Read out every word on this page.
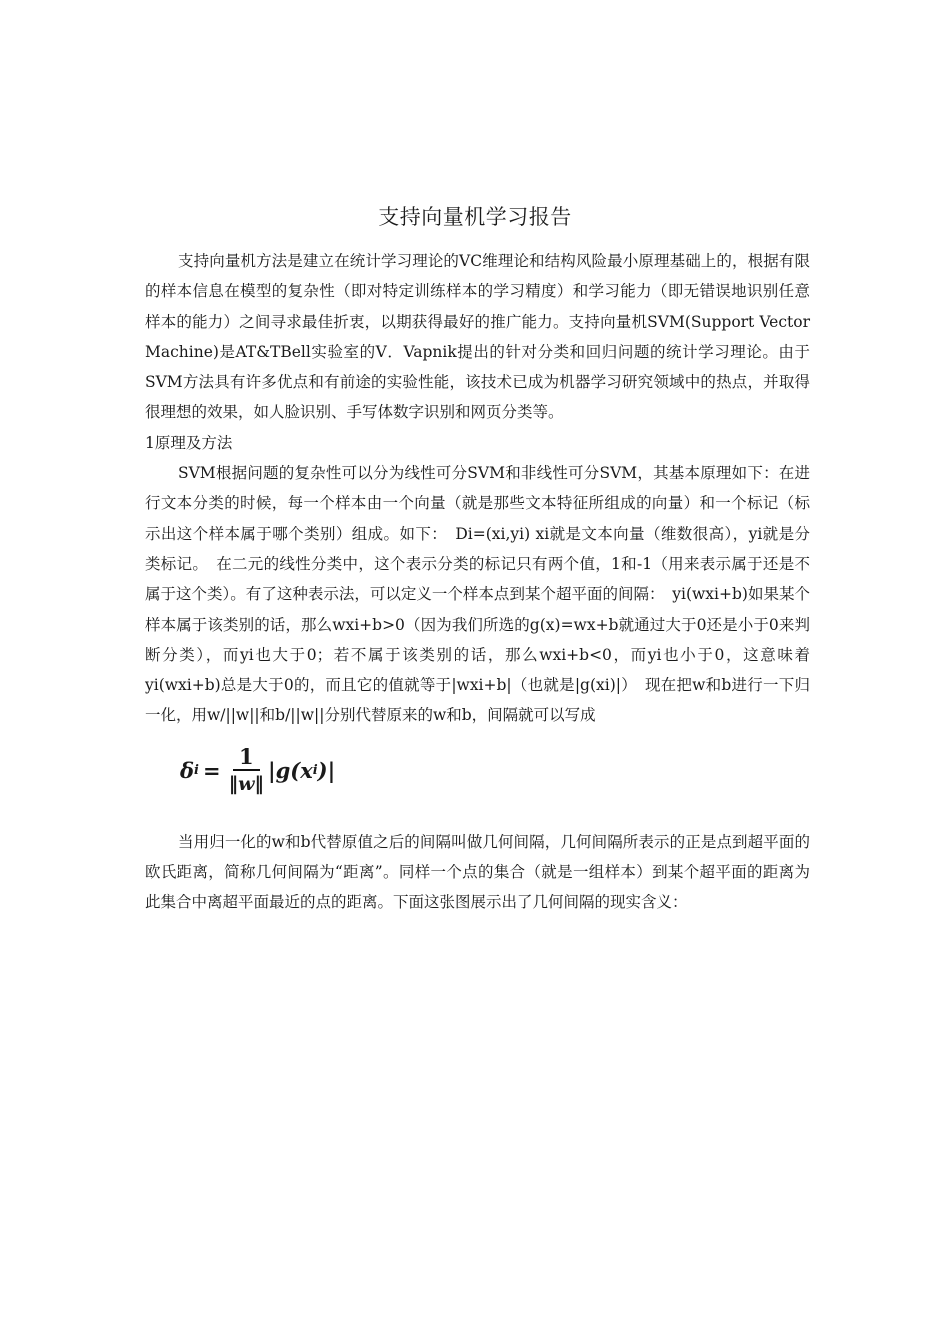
支持向量机学习报告

支持向量机方法是建立在统计学习理论的VC维理论和结构风险最小原理基础上的，根据有限的样本信息在模型的复杂性（即对特定训练样本的学习精度）和学习能力（即无错误地识别任意样本的能力）之间寻求最佳折衷，以期获得最好的推广能力。支持向量机SVM(Support Vector Machine)是AT&TBell实验室的V．Vapnik提出的针对分类和回归问题的统计学习理论。由于SVM方法具有许多优点和有前途的实验性能，该技术已成为机器学习研究领域中的热点，并取得很理想的效果，如人脸识别、手写体数字识别和网页分类等。

1原理及方法

SVM根据问题的复杂性可以分为线性可分SVM和非线性可分SVM，其基本原理如下：在进行文本分类的时候，每一个样本由一个向量（就是那些文本特征所组成的向量）和一个标记（标示出这个样本属于哪个类别）组成。如下：　Di=(xi,yi) xi就是文本向量（维数很高），yi就是分类标记。　在二元的线性分类中，这个表示分类的标记只有两个值，1和-1（用来表示属于还是不属于这个类）。有了这种表示法，可以定义一个样本点到某个超平面的间隔：　yi(wxi+b)如果某个样本属于该类别的话，那么wxi+b>0（因为我们所选的g(x)=wx+b就通过大于0还是小于0来判断分类），而yi也大于0；若不属于该类别的话，那么wxi+b<0，而yi也小于0，这意味着yi(wxi+b)总是大于0的，而且它的值就等于|wxi+b|（也就是|g(xi)|）　现在把w和b进行一下归一化，用w/||w||和b/||w||分别代替原来的w和b，间隔就可以写成

δ $i = \frac{1}{‖w‖} |g(x$ i )|

当用归一化的w和b代替原值之后的间隔叫做几何间隔，几何间隔所表示的正是点到超平面的欧氏距离，简称几何间隔为“距离”。同样一个点的集合（就是一组样本）到某个超平面的距离为此集合中离超平面最近的点的距离。下面这张图展示出了几何间隔的现实含义：
